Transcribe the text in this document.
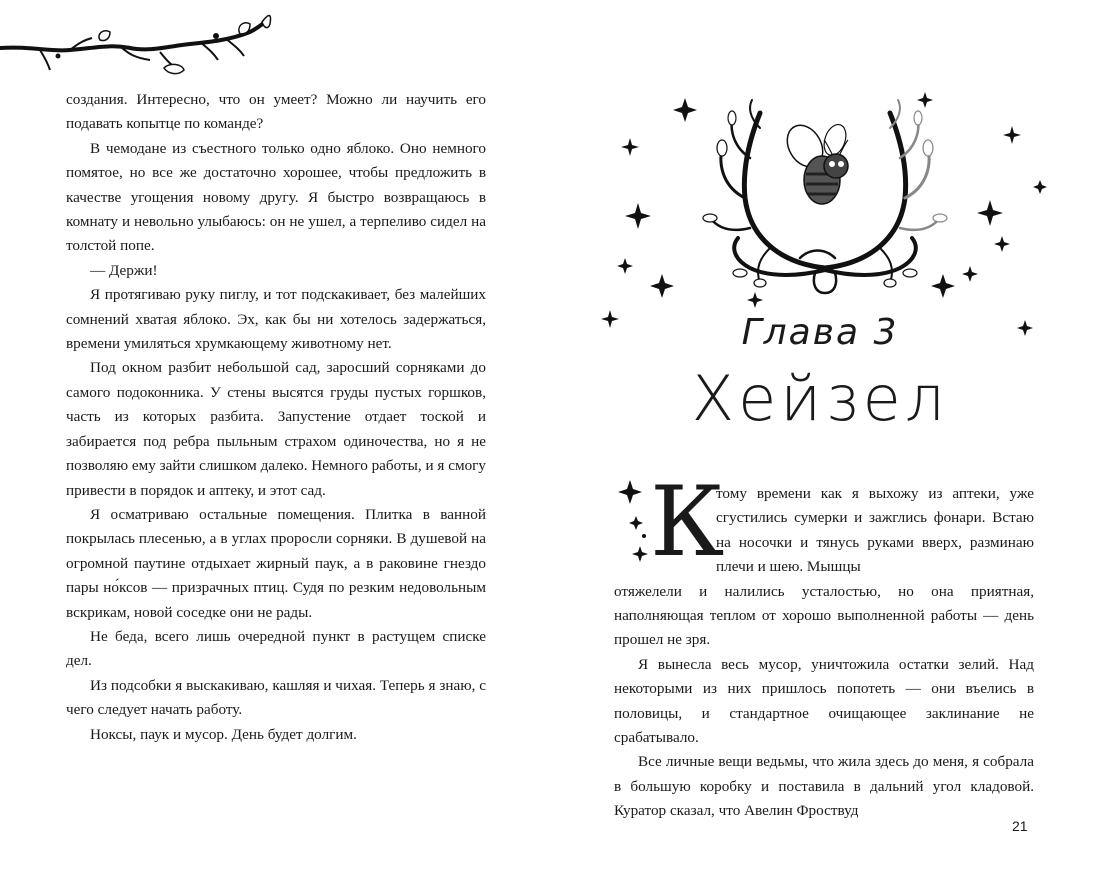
создания. Интересно, что он умеет? Можно ли научить его подавать копытце по команде?

В чемодане из съестного только одно яблоко. Оно немного помятое, но все же достаточно хорошее, чтобы предложить в качестве угощения новому другу. Я быстро возвращаюсь в комнату и невольно улыбаюсь: он не ушел, а терпеливо сидел на толстой попе.

— Держи!

Я протягиваю руку пиглу, и тот подскакивает, без малейших сомнений хватая яблоко. Эх, как бы ни хотелось задержаться, времени умиляться хрумкающему животному нет.

Под окном разбит небольшой сад, заросший сорняками до самого подоконника. У стены высятся груды пустых горшков, часть из которых разбита. Запустение отдает тоской и забирается под ребра пыльным страхом одиночества, но я не позволяю ему зайти слишком далеко. Немного работы, и я смогу привести в порядок и аптеку, и этот сад.

Я осматриваю остальные помещения. Плитка в ванной покрылась плесенью, а в углах проросли сорняки. В душевой на огромной паутине отдыхает жирный паук, а в раковине гнездо пары но́ксов — призрачных птиц. Судя по резким недовольным вскрикам, новой соседке они не рады.

Не беда, всего лишь очередной пункт в растущем списке дел.

Из подсобки я выскакиваю, кашляя и чихая. Теперь я знаю, с чего следует начать работу.

Ноксы, паук и мусор. День будет долгим.

Глава 3
Хейзел
К

тому времени как я выхожу из аптеки, уже сгустились сумерки и зажглись фонари. Встаю на носочки и тянусь руками вверх, разминаю плечи и шею. Мышцы

отяжелели и налились усталостью, но она приятная, наполняющая теплом от хорошо выполненной работы — день прошел не зря.

Я вынесла весь мусор, уничтожила остатки зелий. Над некоторыми из них пришлось попотеть — они въелись в половицы, и стандартное очищающее заклинание не срабатывало.

Все личные вещи ведьмы, что жила здесь до меня, я собрала в большую коробку и поставила в дальний угол кладовой. Куратор сказал, что Авелин Фроствуд

21
